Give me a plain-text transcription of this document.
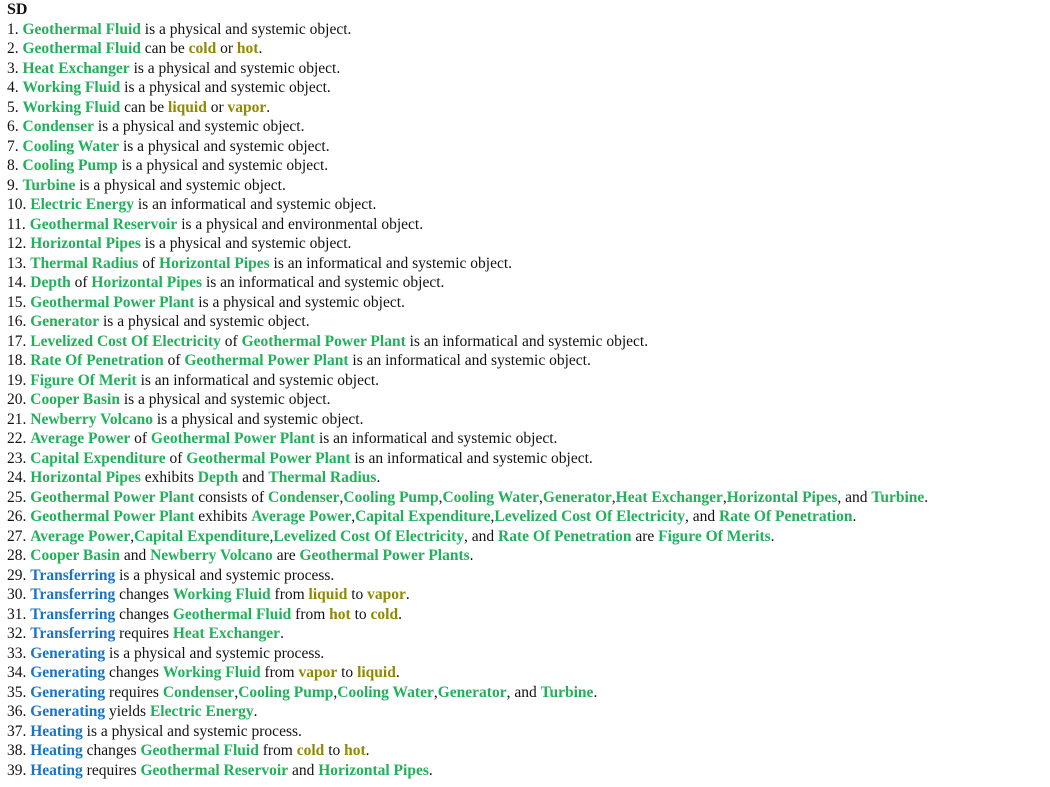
SD
1. Geothermal Fluid is a physical and systemic object.
2. Geothermal Fluid can be cold or hot.
3. Heat Exchanger is a physical and systemic object.
4. Working Fluid is a physical and systemic object.
5. Working Fluid can be liquid or vapor.
6. Condenser is a physical and systemic object.
7. Cooling Water is a physical and systemic object.
8. Cooling Pump is a physical and systemic object.
9. Turbine is a physical and systemic object.
10. Electric Energy is an informatical and systemic object.
11. Geothermal Reservoir is a physical and environmental object.
12. Horizontal Pipes is a physical and systemic object.
13. Thermal Radius of Horizontal Pipes is an informatical and systemic object.
14. Depth of Horizontal Pipes is an informatical and systemic object.
15. Geothermal Power Plant is a physical and systemic object.
16. Generator is a physical and systemic object.
17. Levelized Cost Of Electricity of Geothermal Power Plant is an informatical and systemic object.
18. Rate Of Penetration of Geothermal Power Plant is an informatical and systemic object.
19. Figure Of Merit is an informatical and systemic object.
20. Cooper Basin is a physical and systemic object.
21. Newberry Volcano is a physical and systemic object.
22. Average Power of Geothermal Power Plant is an informatical and systemic object.
23. Capital Expenditure of Geothermal Power Plant is an informatical and systemic object.
24. Horizontal Pipes exhibits Depth and Thermal Radius.
25. Geothermal Power Plant consists of Condenser,Cooling Pump,Cooling Water,Generator,Heat Exchanger,Horizontal Pipes, and Turbine.
26. Geothermal Power Plant exhibits Average Power,Capital Expenditure,Levelized Cost Of Electricity, and Rate Of Penetration.
27. Average Power,Capital Expenditure,Levelized Cost Of Electricity, and Rate Of Penetration are Figure Of Merits.
28. Cooper Basin and Newberry Volcano are Geothermal Power Plants.
29. Transferring is a physical and systemic process.
30. Transferring changes Working Fluid from liquid to vapor.
31. Transferring changes Geothermal Fluid from hot to cold.
32. Transferring requires Heat Exchanger.
33. Generating is a physical and systemic process.
34. Generating changes Working Fluid from vapor to liquid.
35. Generating requires Condenser,Cooling Pump,Cooling Water,Generator, and Turbine.
36. Generating yields Electric Energy.
37. Heating is a physical and systemic process.
38. Heating changes Geothermal Fluid from cold to hot.
39. Heating requires Geothermal Reservoir and Horizontal Pipes.
